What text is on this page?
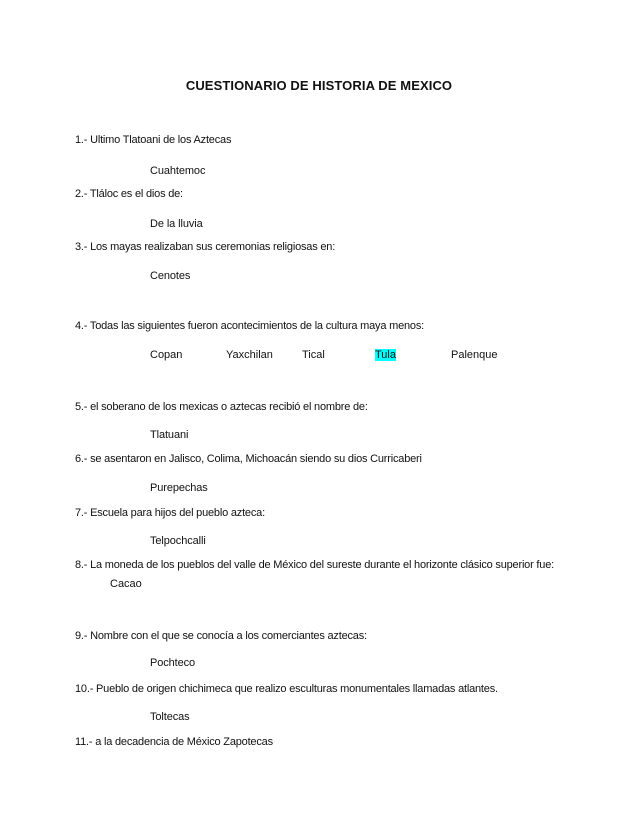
CUESTIONARIO DE HISTORIA DE MEXICO
1.- Ultimo Tlatoani de los Aztecas
Cuahtemoc
2.- Tláloc es el dios de:
De la lluvia
3.- Los mayas realizaban sus ceremonias religiosas en:
Cenotes
4.- Todas las siguientes fueron acontecimientos de la cultura maya menos:
Copan	Yaxchilan	Tical	Tula	Palenque
5.- el soberano de los mexicas o aztecas recibió el nombre de:
Tlatuani
6.- se asentaron en Jalisco, Colima, Michoacán siendo su dios Curricaberi
Purepechas
7.- Escuela para hijos del pueblo azteca:
Telpochcalli
8.- La moneda de los pueblos del valle de México del sureste durante el horizonte clásico superior fue:
Cacao
9.- Nombre con el que se conocía a los comerciantes aztecas:
Pochteco
10.- Pueblo de origen chichimeca que realizo esculturas monumentales llamadas atlantes.
Toltecas
11.- a la decadencia de México Zapotecas
